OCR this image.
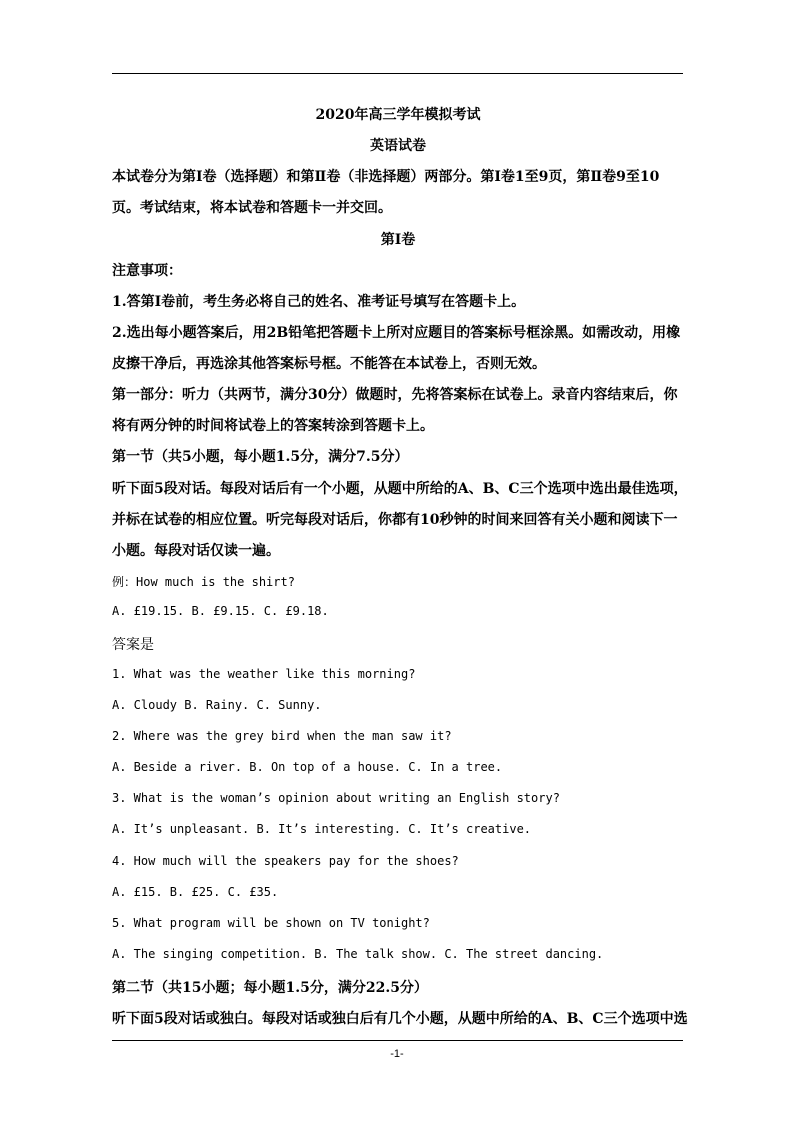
2020年高三学年模拟考试
英语试卷
本试卷分为第Ⅰ卷（选择题）和第Ⅱ卷（非选择题）两部分。第Ⅰ卷1至9页，第Ⅱ卷9至10
页。考试结束，将本试卷和答题卡一并交回。
第Ⅰ卷
注意事项：
1.答第Ⅰ卷前，考生务必将自己的姓名、准考证号填写在答题卡上。
2.选出每小题答案后，用2B铅笔把答题卡上所对应题目的答案标号框涂黑。如需改动，用橡
皮擦干净后，再选涂其他答案标号框。不能答在本试卷上，否则无效。
第一部分：听力（共两节，满分30分）做题时，先将答案标在试卷上。录音内容结束后，你
将有两分钟的时间将试卷上的答案转涂到答题卡上。
第一节（共5小题，每小题1.5分，满分7.5分）
听下面5段对话。每段对话后有一个小题，从题中所给的A、B、C三个选项中选出最佳选项，
并标在试卷的相应位置。听完每段对话后，你都有10秒钟的时间来回答有关小题和阅读下一
小题。每段对话仅读一遍。
例：How much is the shirt?
A. £19.15. B. £9.15. C. £9.18.
答案是
1. What was the weather like this morning?
A. Cloudy B. Rainy. C. Sunny.
2. Where was the grey bird when the man saw it?
A. Beside a river. B. On top of a house. C. In a tree.
3. What is the woman’s opinion about writing an English story?
A. It’s unpleasant. B. It’s interesting. C. It’s creative.
4. How much will the speakers pay for the shoes?
A. £15. B. £25. C. £35.
5. What program will be shown on TV tonight?
A. The singing competition. B. The talk show. C. The street dancing.
第二节（共15小题；每小题1.5分，满分22.5分）
听下面5段对话或独白。每段对话或独白后有几个小题，从题中所给的A、B、C三个选项中选
-1-
